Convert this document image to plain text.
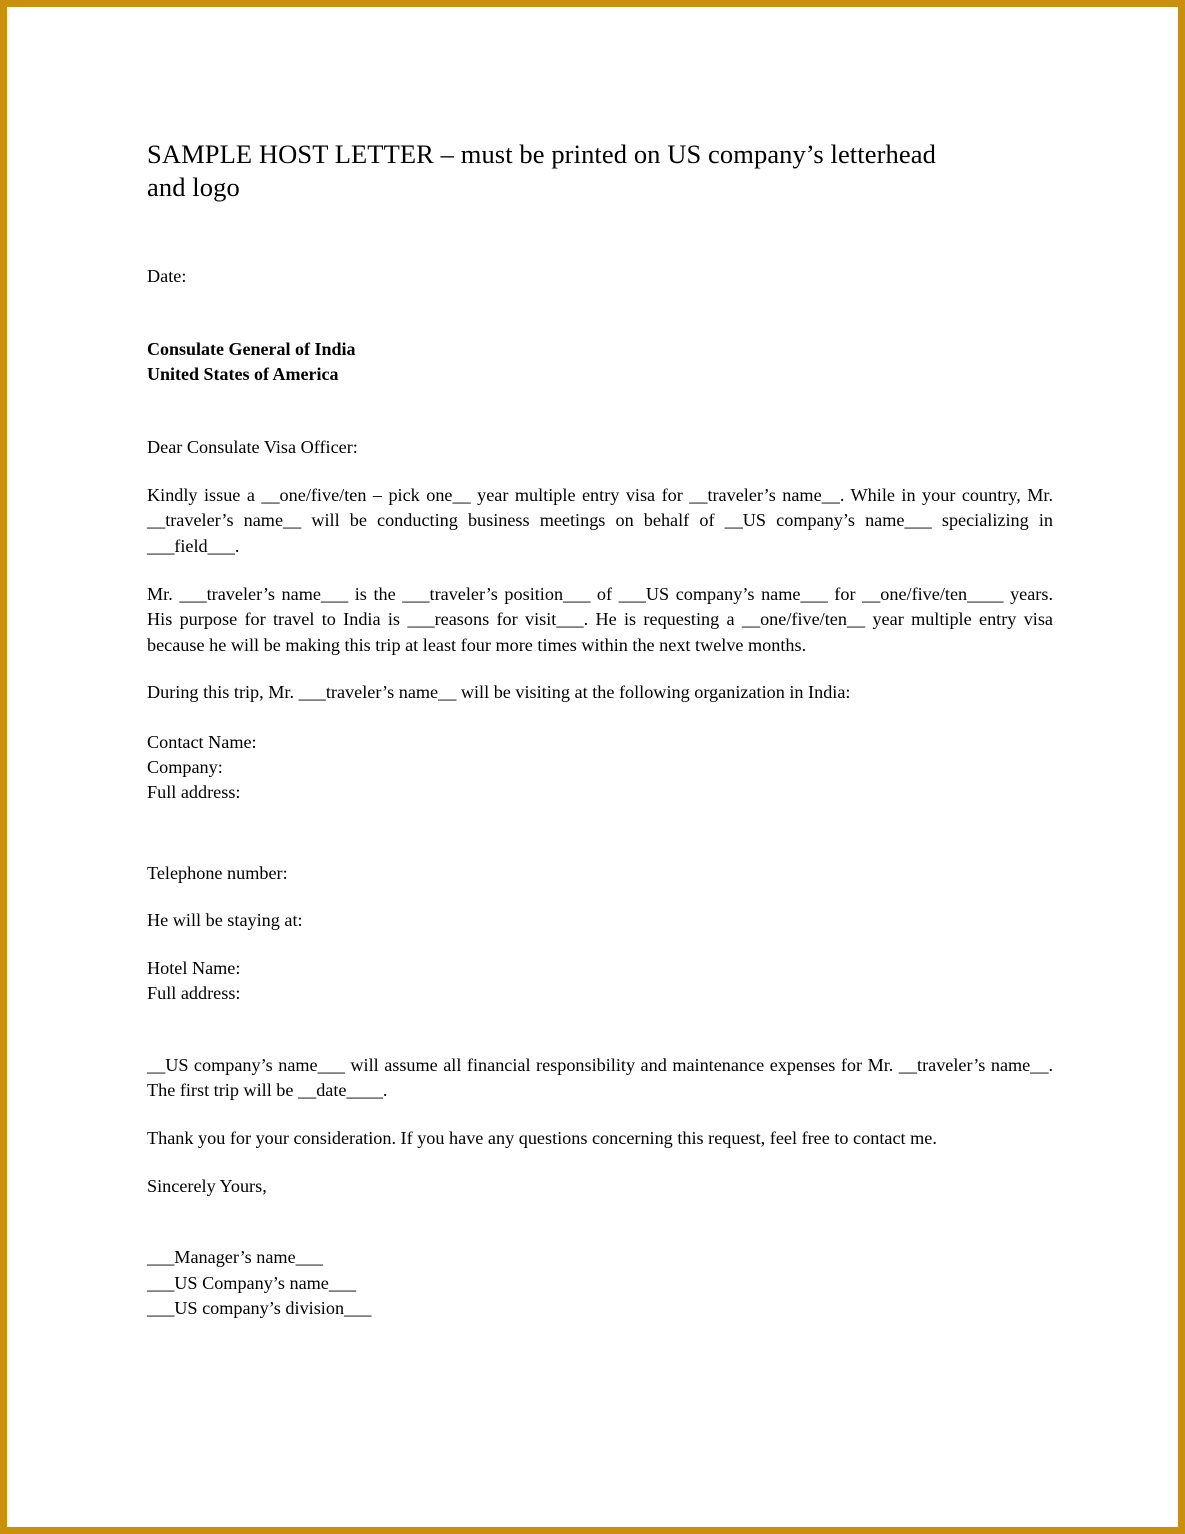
SAMPLE HOST LETTER – must be printed on US company’s letterhead and logo
Date:
Consulate General of India
United States of America
Dear Consulate Visa Officer:

Kindly issue a __one/five/ten – pick one__ year multiple entry visa for __traveler’s name__. While in your country, Mr. __traveler’s name__ will be conducting business meetings on behalf of __US company’s name___ specializing in ___field___.

Mr. ___traveler’s name___ is the ___traveler’s position___ of ___US company’s name___ for __one/five/ten____ years. His purpose for travel to India is ___reasons for visit___. He is requesting a __one/five/ten__ year multiple entry visa because he will be making this trip at least four more times within the next twelve months.

During this trip, Mr. ___traveler’s name__ will be visiting at the following organization in India:

Contact Name:
Company:
Full address:
Telephone number:
He will be staying at:
Hotel Name:
Full address:

__US company’s name___ will assume all financial responsibility and maintenance expenses for Mr. __traveler’s name__. The first trip will be __date____.

Thank you for your consideration. If you have any questions concerning this request, feel free to contact me.

Sincerely Yours,
___Manager’s name___
___US Company’s name___
___US company’s division___
